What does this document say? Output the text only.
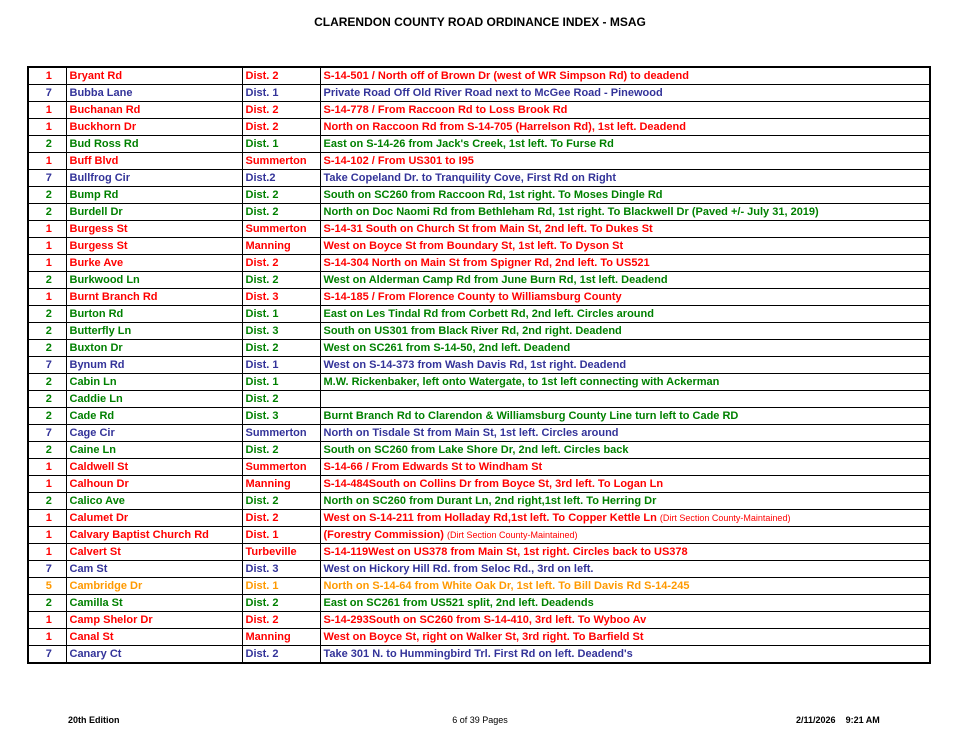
CLARENDON COUNTY ROAD ORDINANCE INDEX - MSAG
1	Bryant Rd	Dist. 2	S-14-501 / North off of Brown Dr (west of WR Simpson Rd) to deadend
7	Bubba Lane	Dist. 1	Private Road Off Old River Road next to McGee Road - Pinewood
1	Buchanan Rd	Dist. 2	S-14-778 / From Raccoon Rd to Loss Brook Rd
1	Buckhorn Dr	Dist. 2	North on Raccoon Rd from S-14-705 (Harrelson Rd), 1st left. Deadend
2	Bud Ross Rd	Dist. 1	East on S-14-26 from Jack's Creek, 1st left. To Furse Rd
1	Buff Blvd	Summerton	S-14-102 / From US301 to I95
7	Bullfrog Cir	Dist.2	Take Copeland Dr. to Tranquility Cove, First Rd on Right
2	Bump Rd	Dist. 2	South on SC260 from Raccoon Rd, 1st right. To Moses Dingle Rd
2	Burdell Dr	Dist. 2	North on Doc Naomi Rd from Bethleham Rd, 1st right. To Blackwell Dr (Paved +/- July 31, 2019)
1	Burgess St	Summerton	S-14-31 South on Church St from Main St, 2nd left. To Dukes St
1	Burgess St	Manning	West on Boyce St from Boundary St, 1st left. To Dyson St
1	Burke Ave	Dist. 2	S-14-304 North on Main St from Spigner Rd, 2nd left. To US521
2	Burkwood Ln	Dist. 2	West on Alderman Camp Rd from June Burn Rd, 1st left. Deadend
1	Burnt Branch Rd	Dist. 3	S-14-185 / From Florence County to Williamsburg County
2	Burton Rd	Dist. 1	East on Les Tindal Rd from Corbett Rd, 2nd left. Circles around
2	Butterfly Ln	Dist. 3	South on US301 from Black River Rd, 2nd right. Deadend
2	Buxton Dr	Dist. 2	West on SC261 from S-14-50, 2nd left. Deadend
7	Bynum Rd	Dist. 1	West on S-14-373 from Wash Davis Rd, 1st right. Deadend
2	Cabin Ln	Dist. 1	M.W. Rickenbaker, left onto Watergate, to 1st left connecting with Ackerman
2	Caddie Ln	Dist. 2	
2	Cade Rd	Dist. 3	Burnt Branch Rd to Clarendon & Williamsburg County Line turn left to Cade RD
7	Cage Cir	Summerton	North on Tisdale St from Main St, 1st left. Circles around
2	Caine Ln	Dist. 2	South on SC260 from Lake Shore Dr, 2nd left. Circles back
1	Caldwell St	Summerton	S-14-66 / From Edwards St to Windham St
1	Calhoun Dr	Manning	S-14-484South on Collins Dr from Boyce St, 3rd left. To Logan Ln
2	Calico Ave	Dist. 2	North on SC260 from Durant Ln, 2nd right,1st left. To Herring Dr
1	Calumet Dr	Dist. 2	West on S-14-211 from Holladay Rd,1st left. To Copper Kettle Ln (Dirt Section County-Maintained)
1	Calvary Baptist Church Rd	Dist. 1	(Forestry Commission) (Dirt Section County-Maintained)
1	Calvert St	Turbeville	S-14-119West on US378 from Main St, 1st right. Circles back to US378
7	Cam St	Dist. 3	West on Hickory Hill Rd. from Seloc Rd., 3rd on left.
5	Cambridge Dr	Dist. 1	North on S-14-64 from White Oak Dr, 1st left. To Bill Davis Rd S-14-245
2	Camilla St	Dist. 2	East on SC261 from US521 split, 2nd left. Deadends
1	Camp Shelor Dr	Dist. 2	S-14-293South on SC260 from S-14-410, 3rd left. To Wyboo Av
1	Canal St	Manning	West on Boyce St, right on Walker St, 3rd right. To Barfield St
7	Canary Ct	Dist. 2	Take 301 N. to Hummingbird Trl. First Rd on left. Deadend's
20th Edition	6 of 39 Pages	2/11/2026 9:21 AM
